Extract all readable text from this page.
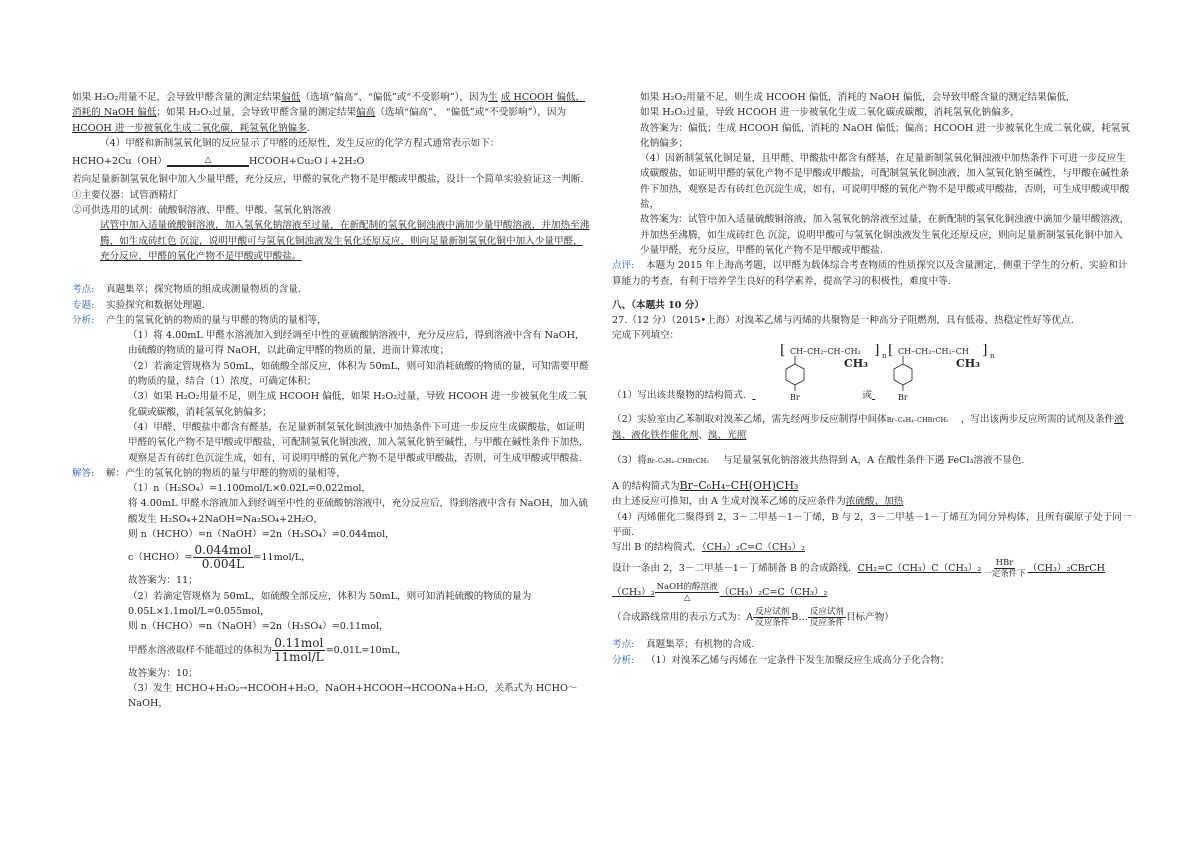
如果 H₂O₂用量不足，会导致甲醛含量的测定结果偏低（选填“偏高”、“偏低”或“不受影响”），因为生 成 HCOOH 偏低，消耗的 NaOH 偏低；如果 H₂O₂过量，会导致甲醛含量的测定结果偏高（选填“偏高”、 “偏低”或“不受影响”），因为HCOOH 进一步被氧化生成二氧化碳，耗氢氧化钠偏多.

（4）甲醛和新制氢氧化铜的反应显示了甲醛的还原性，发生反应的化学方程式通常表示如下：

HCHO+2Cu（OH）	△	HCOOH+Cu₂O↓+2H₂O

若向足量新制氢氧化铜中加入少量甲醛，充分反应，甲醛的氧化产物不是甲酸或甲酸盐，设计一个简单实验验证这一判断.

①主要仪器：试管酒精灯

②可供选用的试剂：硫酸铜溶液、甲醛、甲酸、氢氧化钠溶液

试管中加入适量硫酸铜溶液，加入氢氧化钠溶液至过量，在新配制的氢氧化铜浊液中滴加少量甲酸溶液，并加热至沸腾，如生成砖红色 沉淀，说明甲酸可与氢氧化铜浊液发生氧化还原反应，则向足量新制氢氧化铜中加入少量甲醛，充分反应，甲醛的氧化产物不是甲酸或甲酸盐。

考点: 真题集萃；探究物质的组成或测量物质的含量.

专题: 实验探究和数据处理题.

分析: 产生的氢氧化钠的物质的量与甲醛的物质的量相等，

（1）将 4.00mL 甲醛水溶液加入到经调至中性的亚硫酸钠溶液中，充分反应后，得到溶液中含有 NaOH，由硫酸的物质的量可得 NaOH，以此确定甲醛的物质的量，进而计算浓度；

（2）若滴定管规格为 50mL，如硫酸全部反应，体积为 50mL，则可知消耗硫酸的物质的量，可知需要甲醛的物质的量，结合（1）浓度，可确定体积；

（3）如果 H₂O₂用量不足，则生成 HCOOH 偏低，如果 H₂O₂过量，导致 HCOOH 进一步被氧化生成二氧化碳或碳酸，消耗氢氧化钠偏多；

（4）甲醛、甲酸盐中都含有醛基，在足量新制氢氧化铜浊液中加热条件下可进一步反应生成碳酸盐，如证明甲醛的氧化产物不是甲酸或甲酸盐，可配制氢氧化铜浊液，加入氢氧化钠至碱性，与甲酸在碱性条件下加热，观察是否有砖红色沉淀生成，如有，可说明甲醛的氧化产物不是甲酸或甲酸盐，否则，可生成甲酸或甲酸盐.

解答: 解：产生的氢氧化钠的物质的量与甲醛的物质的量相等，

（1）n（H₂SO₄）=1.100mol/L×0.02L=0.022mol，

将 4.00mL 甲醛水溶液加入到经调至中性的亚硫酸钠溶液中，充分反应后，得到溶液中含有 NaOH，加入硫酸发生 H₂SO₄+2NaOH=Na₂SO₄+2H₂O，

则 n（HCHO）=n（NaOH）=2n（H₂SO₄）=0.044mol，

c（HCHO）= $\frac{\text{0.044mol}}{0.004L} =11mol/L$，

故答案为：11；

（2）若滴定管规格为 50mL，如硫酸全部反应，体积为 50mL，则可知消耗硫酸的物质的量为 0.05L×1.1mol/L=0.055mol，

则 n（HCHO）=n（NaOH）=2n（H₂SO₄）=0.11mol，

甲醛水溶液取样不能超过的体积为 $\frac{\text{0.11mol}}{\text{11mol/L}} =0.01L=10mL$，

故答案为：10；

（3）发生 HCHO+H₂O₂→HCOOH+H₂O，NaOH+HCOOH→HCOONa+H₂O，关系式为 HCHO～NaOH，

如果 H₂O₂用量不足，则生成 HCOOH 偏低，消耗的 NaOH 偏低，会导致甲醛含量的测定结果偏低，

如果 H₂O₂过量，导致 HCOOH 进一步被氧化生成二氧化碳或碳酸，消耗氢氧化钠偏多，

故答案为：偏低；生成 HCOOH 偏低，消耗的 NaOH 偏低；偏高；HCOOH 进一步被氧化生成二氧化碳，耗氢氧化钠偏多；

（4）因新制氢氧化铜足量，且甲醛、甲酸盐中都含有醛基，在足量新制氢氧化铜浊液中加热条件下可进一步反应生成碳酸盐，如证明甲醛的氧化产物不是甲酸或甲酸盐，可配制氢氧化铜浊液，加入氢氧化钠至碱性，与甲酸在碱性条件下加热，观察是否有砖红色沉淀生成，如有，可说明甲醛的氧化产物不是甲酸或甲酸盐，否则，可生成甲酸或甲酸盐，

故答案为：试管中加入适量硫酸铜溶液，加入氢氧化钠溶液至过量，在新配制的氢氧化铜浊液中滴加少量甲酸溶液，并加热至沸腾，如生成砖红色 沉淀，说明甲酸可与氢氧化铜浊液发生氧化还原反应，则向足量新制氢氧化铜中加入少量甲醛，充分反应，甲醛的氧化产物不是甲酸或甲酸盐.

点评: 本题为 2015 年上海高考题，以甲醛为载体综合考查物质的性质探究以及含量测定，侧重于学生的分析、实验和计算能力的考查，有利于培养学生良好的科学素养，提高学习的积极性，难度中等.

八、（本题共 10 分）

27.（12 分）（2015•上海）对溴苯乙烯与丙烯的共聚物是一种高分子阻燃剂，具有低毒、热稳定性好等优点.

完成下列填空：

[ CH–CH₂–CH–CH₂ ] n
CH₃
Br
[ CH–CH₂–CH₂–CH ] n
CH₃
Br

（1）写出该共聚物的结构简式．	或

（2）实验室由乙苯制取对溴苯乙烯，需先经两步反应制得中间体Br–C₆H₄–CHBrCH₃ ，写出该两步反应所需的试剂及条件液溴、液化铁作催化剂、溴、光照

（3）将Br–C₆H₄–CHBrCH₃ 与足量氢氧化钠溶液共热得到 A，A 在酸性条件下遇 FeCl₃溶液不显色.

A 的结构简式为Br–C₆H₄–CH(OH)CH₃

由上述反应可推知，由 A 生成对溴苯乙烯的反应条件为浓硫酸、加热

（4）丙烯催化二聚得到 2，3－二甲基－1－丁烯，B 与 2，3－二甲基－1－丁烯互为同分异构体，且所有碳原子处于同一平面.

写出 B 的结构简式．（CH₃）₂C=C（CH₃）₂

设计一条由 2，3－二甲基－1－丁烯制备 B 的合成路线．CH₂=C（CH₃）C（CH₃）₂ HBr
一定条件下 （CH₃）₂CBrCH

（CH₃）₂ NaOH的醇溶液
△	（CH₃）₂C=C（CH₃）₂

（合成路线常用的表示方式为：A 反应试剂
反应条件 B… 反应试剂
反应条件 目标产物）

考点: 真题集萃；有机物的合成.

分析: （1）对溴苯乙烯与丙烯在一定条件下发生加聚反应生成高分子化合物；
